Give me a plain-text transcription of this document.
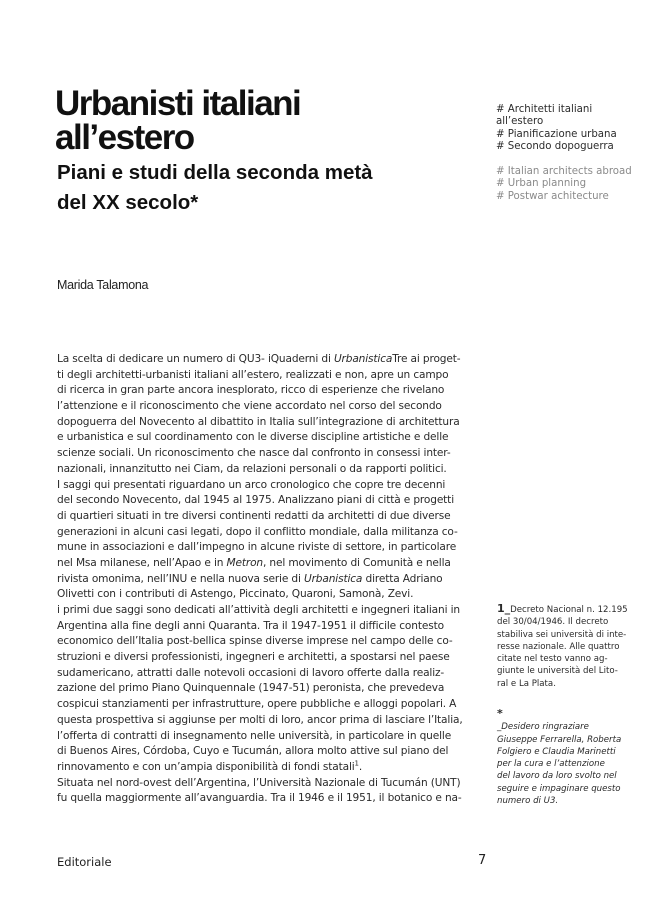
Urbanisti italiani
all’estero
Piani e studi della seconda metà
del XX secolo*
# Architetti italiani
all’estero
# Pianificazione urbana
# Secondo dopoguerra
# Italian architects abroad
# Urban planning
# Postwar achitecture
Marida Talamona
La scelta di dedicare un numero di QU3- iQuaderni di UrbanisticaTre ai proget-
ti degli architetti-urbanisti italiani all’estero, realizzati e non, apre un campo
di ricerca in gran parte ancora inesplorato, ricco di esperienze che rivelano
l’attenzione e il riconoscimento che viene accordato nel corso del secondo
dopoguerra del Novecento al dibattito in Italia sull’integrazione di architettura
e urbanistica e sul coordinamento con le diverse discipline artistiche e delle
scienze sociali. Un riconoscimento che nasce dal confronto in consessi inter-
nazionali, innanzitutto nei Ciam, da relazioni personali o da rapporti politici.
I saggi qui presentati riguardano un arco cronologico che copre tre decenni
del secondo Novecento, dal 1945 al 1975. Analizzano piani di città e progetti
di quartieri situati in tre diversi continenti redatti da architetti di due diverse
generazioni in alcuni casi legati, dopo il conflitto mondiale, dalla militanza co-
mune in associazioni e dall’impegno in alcune riviste di settore, in particolare
nel Msa milanese, nell’Apao e in Metron, nel movimento di Comunità e nella
rivista omonima, nell’INU e nella nuova serie di Urbanistica diretta Adriano
Olivetti con i contributi di Astengo, Piccinato, Quaroni, Samonà, Zevi.
i primi due saggi sono dedicati all’attività degli architetti e ingegneri italiani in
Argentina alla fine degli anni Quaranta. Tra il 1947-1951 il difficile contesto
economico dell’Italia post-bellica spinse diverse imprese nel campo delle co-
struzioni e diversi professionisti, ingegneri e architetti, a spostarsi nel paese
sudamericano, attratti dalle notevoli occasioni di lavoro offerte dalla realiz-
zazione del primo Piano Quinquennale (1947-51) peronista, che prevedeva
cospicui stanziamenti per infrastrutture, opere pubbliche e alloggi popolari. A
questa prospettiva si aggiunse per molti di loro, ancor prima di lasciare l’Italia,
l’offerta di contratti di insegnamento nelle università, in particolare in quelle
di Buenos Aires, Córdoba, Cuyo e Tucumán, allora molto attive sul piano del
rinnovamento e con un’ampia disponibilità di fondi statali$^1$.
Situata nel nord-ovest dell’Argentina, l’Università Nazionale di Tucumán (UNT)
fu quella maggiormente all’avanguardia. Tra il 1946 e il 1951, il botanico e na-
1_Decreto Nacional n. 12.195
del 30/04/1946. Il decreto
stabiliva sei università di inte-
resse nazionale. Alle quattro
citate nel testo vanno ag-
giunte le università del Lito-
ral e La Plata.
*
_Desidero ringraziare
Giuseppe Ferrarella, Roberta
Folgiero e Claudia Marinetti
per la cura e l’attenzione
del lavoro da loro svolto nel
seguire e impaginare questo
numero di U3.
Editoriale	7
